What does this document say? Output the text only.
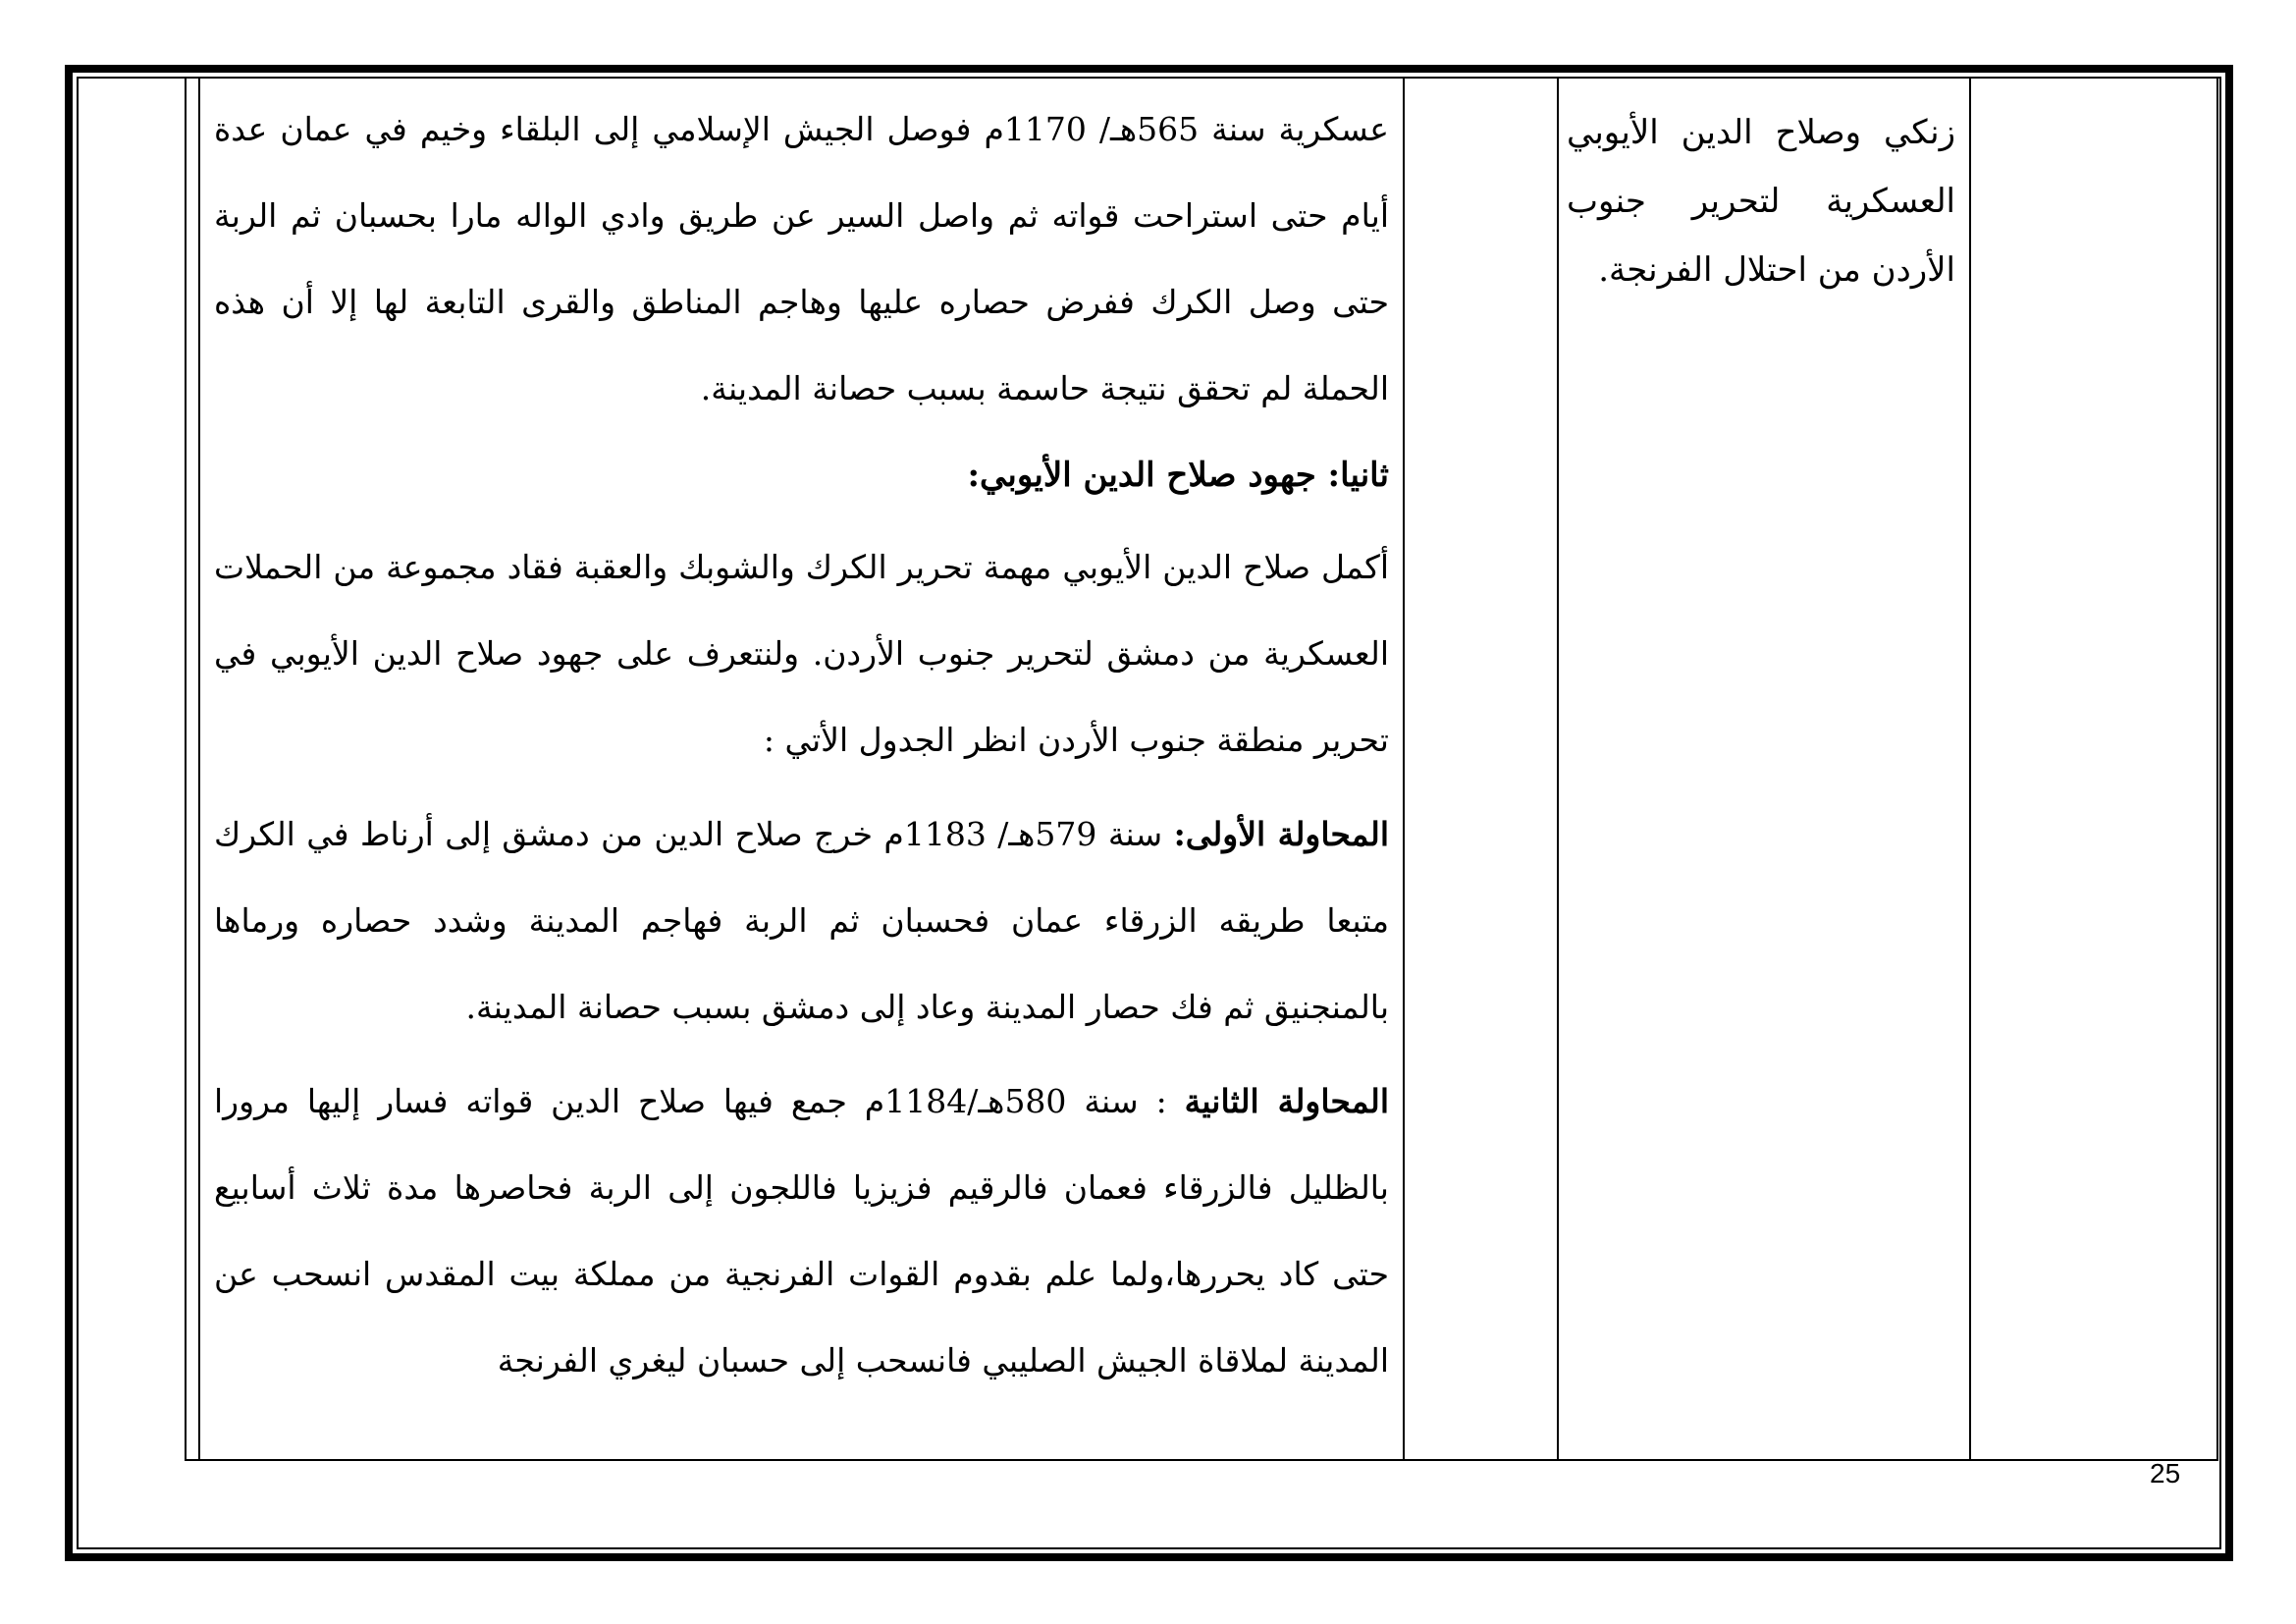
زنكي وصلاح الدين الأيوبي العسكرية لتحرير جنوب الأردن من احتلال الفرنجة.

عسكرية سنة 565هـ/ 1170م فوصل الجيش الإسلامي إلى البلقاء وخيم في عمان عدة أيام حتى استراحت قواته ثم واصل السير عن طريق وادي الواله مارا بحسبان ثم الربة حتى وصل الكرك ففرض حصاره عليها وهاجم المناطق والقرى التابعة لها إلا أن هذه الحملة لم تحقق نتيجة حاسمة بسبب حصانة المدينة.

ثانيا: جهود صلاح الدين الأيوبي:

أكمل صلاح الدين الأيوبي مهمة تحرير الكرك والشوبك والعقبة فقاد مجموعة من الحملات العسكرية من دمشق لتحرير جنوب الأردن. ولنتعرف على جهود صلاح الدين الأيوبي في تحرير منطقة جنوب الأردن انظر الجدول الأتي :

المحاولة الأولى: سنة 579هـ/ 1183م خرج صلاح الدين من دمشق إلى أرناط في الكرك متبعا طريقه الزرقاء عمان فحسبان ثم الربة فهاجم المدينة وشدد حصاره ورماها بالمنجنيق ثم فك حصار المدينة وعاد إلى دمشق بسبب حصانة المدينة.

المحاولة الثانية : سنة 580هـ/1184م جمع فيها صلاح الدين قواته فسار إليها مرورا بالظليل فالزرقاء فعمان فالرقيم فزيزيا فاللجون إلى الربة فحاصرها مدة ثلاث أسابيع حتى كاد يحررها،ولما علم بقدوم القوات الفرنجية من مملكة بيت المقدس انسحب عن المدينة لملاقاة الجيش الصليبي فانسحب إلى حسبان ليغري الفرنجة

25
